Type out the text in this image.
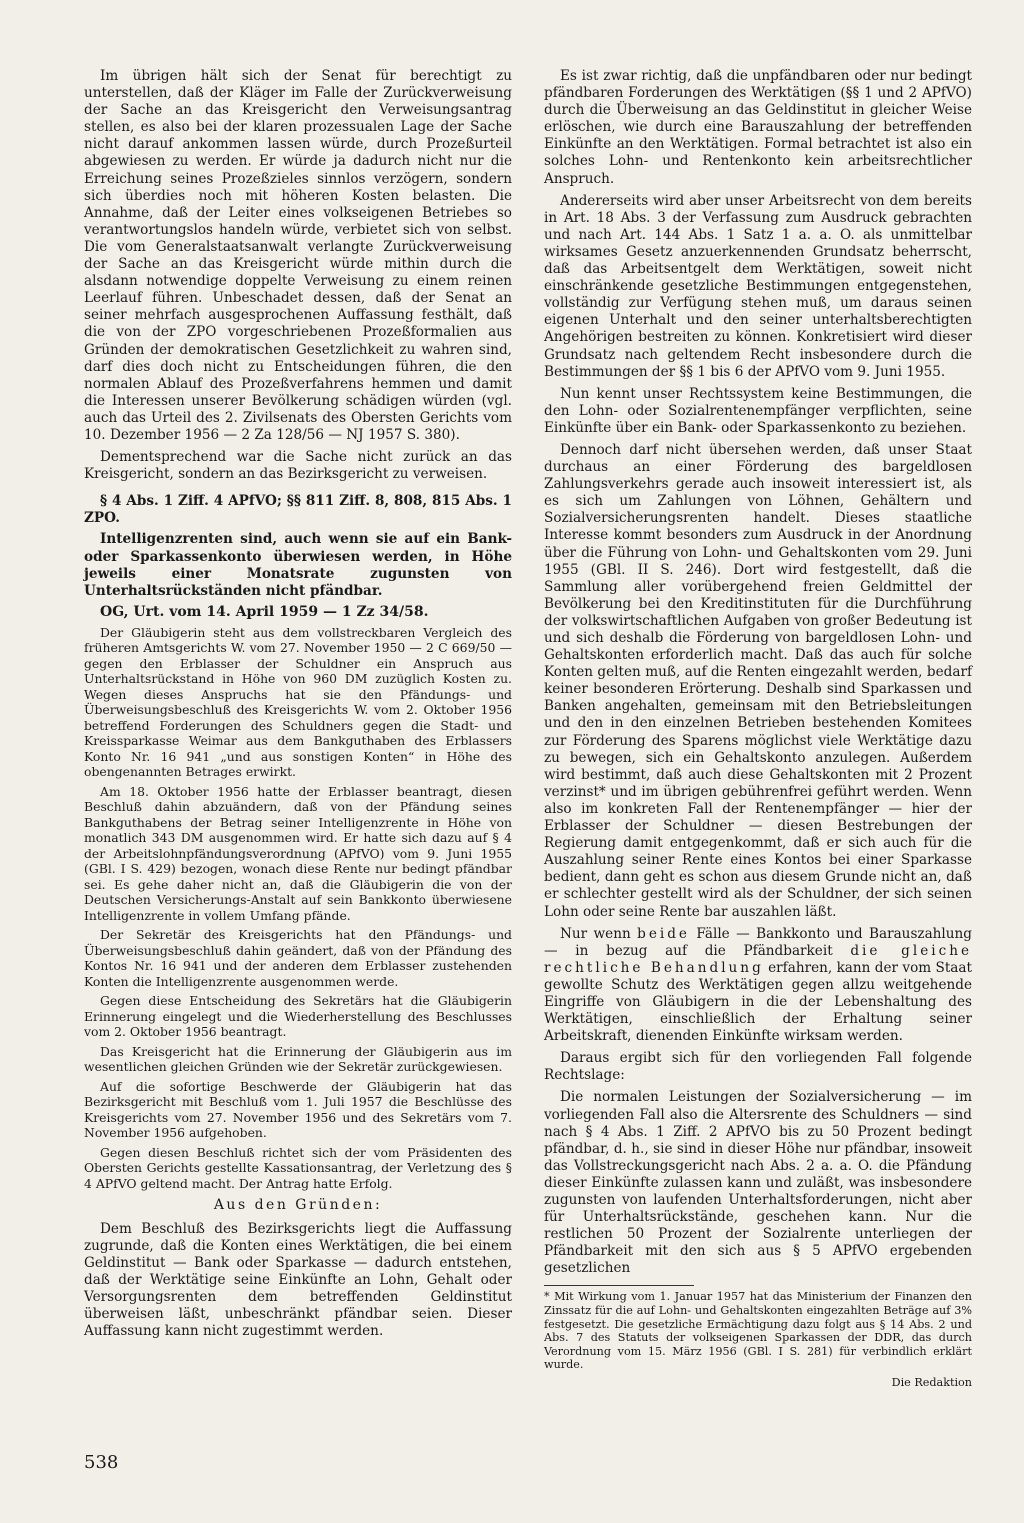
Im übrigen hält sich der Senat für berechtigt zu unterstellen, daß der Kläger im Falle der Zurückverweisung der Sache an das Kreisgericht den Verweisungsantrag stellen, es also bei der klaren prozessualen Lage der Sache nicht darauf ankommen lassen würde, durch Prozeßurteil abgewiesen zu werden. Er würde ja dadurch nicht nur die Erreichung seines Prozeßzieles sinnlos verzögern, sondern sich überdies noch mit höheren Kosten belasten. Die Annahme, daß der Leiter eines volkseigenen Betriebes so verantwortungslos handeln würde, verbietet sich von selbst. Die vom Generalstaatsanwalt verlangte Zurückverweisung der Sache an das Kreisgericht würde mithin durch die alsdann notwendige doppelte Verweisung zu einem reinen Leerlauf führen. Unbeschadet dessen, daß der Senat an seiner mehrfach ausgesprochenen Auffassung festhält, daß die von der ZPO vorgeschriebenen Prozeßformalien aus Gründen der demokratischen Gesetzlichkeit zu wahren sind, darf dies doch nicht zu Entscheidungen führen, die den normalen Ablauf des Prozeßverfahrens hemmen und damit die Interessen unserer Bevölkerung schädigen würden (vgl. auch das Urteil des 2. Zivilsenats des Obersten Gerichts vom 10. Dezember 1956 — 2 Za 128/56 — NJ 1957 S. 380).

Dementsprechend war die Sache nicht zurück an das Kreisgericht, sondern an das Bezirksgericht zu verweisen.

§ 4 Abs. 1 Ziff. 4 APfVO; §§ 811 Ziff. 8, 808, 815 Abs. 1 ZPO.

Intelligenzrenten sind, auch wenn sie auf ein Bank- oder Sparkassenkonto überwiesen werden, in Höhe jeweils einer Monatsrate zugunsten von Unterhaltsrückständen nicht pfändbar.

OG, Urt. vom 14. April 1959 — 1 Zz 34/58.

Der Gläubigerin steht aus dem vollstreckbaren Vergleich des früheren Amtsgerichts W. vom 27. November 1950 — 2 C 669/50 — gegen den Erblasser der Schuldner ein Anspruch aus Unterhaltsrückstand in Höhe von 960 DM zuzüglich Kosten zu. Wegen dieses Anspruchs hat sie den Pfändungs- und Überweisungsbeschluß des Kreisgerichts W. vom 2. Oktober 1956 betreffend Forderungen des Schuldners gegen die Stadt- und Kreissparkasse Weimar aus dem Bankguthaben des Erblassers Konto Nr. 16 941 „und aus sonstigen Konten“ in Höhe des obengenannten Betrages erwirkt.

Am 18. Oktober 1956 hatte der Erblasser beantragt, diesen Beschluß dahin abzuändern, daß von der Pfändung seines Bankguthabens der Betrag seiner Intelligenzrente in Höhe von monatlich 343 DM ausgenommen wird. Er hatte sich dazu auf § 4 der Arbeitslohnpfändungsverordnung (APfVO) vom 9. Juni 1955 (GBl. I S. 429) bezogen, wonach diese Rente nur bedingt pfändbar sei. Es gehe daher nicht an, daß die Gläubigerin die von der Deutschen Versicherungs-Anstalt auf sein Bankkonto überwiesene Intelligenzrente in vollem Umfang pfände.

Der Sekretär des Kreisgerichts hat den Pfändungs- und Überweisungsbeschluß dahin geändert, daß von der Pfändung des Kontos Nr. 16 941 und der anderen dem Erblasser zustehenden Konten die Intelligenzrente ausgenommen werde.

Gegen diese Entscheidung des Sekretärs hat die Gläubigerin Erinnerung eingelegt und die Wiederherstellung des Beschlusses vom 2. Oktober 1956 beantragt.

Das Kreisgericht hat die Erinnerung der Gläubigerin aus im wesentlichen gleichen Gründen wie der Sekretär zurückgewiesen.

Auf die sofortige Beschwerde der Gläubigerin hat das Bezirksgericht mit Beschluß vom 1. Juli 1957 die Beschlüsse des Kreisgerichts vom 27. November 1956 und des Sekretärs vom 7. November 1956 aufgehoben.

Gegen diesen Beschluß richtet sich der vom Präsidenten des Obersten Gerichts gestellte Kassationsantrag, der Verletzung des § 4 APfVO geltend macht. Der Antrag hatte Erfolg.

Aus den Gründen:

Dem Beschluß des Bezirksgerichts liegt die Auffassung zugrunde, daß die Konten eines Werktätigen, die bei einem Geldinstitut — Bank oder Sparkasse — dadurch entstehen, daß der Werktätige seine Einkünfte an Lohn, Gehalt oder Versorgungsrenten dem betreffenden Geldinstitut überweisen läßt, unbeschränkt pfändbar seien. Dieser Auffassung kann nicht zugestimmt werden.

Es ist zwar richtig, daß die unpfändbaren oder nur bedingt pfändbaren Forderungen des Werktätigen (§§ 1 und 2 APfVO) durch die Überweisung an das Geldinstitut in gleicher Weise erlöschen, wie durch eine Barauszahlung der betreffenden Einkünfte an den Werktätigen. Formal betrachtet ist also ein solches Lohn- und Rentenkonto kein arbeitsrechtlicher Anspruch.

Andererseits wird aber unser Arbeitsrecht von dem bereits in Art. 18 Abs. 3 der Verfassung zum Ausdruck gebrachten und nach Art. 144 Abs. 1 Satz 1 a. a. O. als unmittelbar wirksames Gesetz anzuerkennenden Grundsatz beherrscht, daß das Arbeitsentgelt dem Werktätigen, soweit nicht einschränkende gesetzliche Bestimmungen entgegenstehen, vollständig zur Verfügung stehen muß, um daraus seinen eigenen Unterhalt und den seiner unterhaltsberechtigten Angehörigen bestreiten zu können. Konkretisiert wird dieser Grundsatz nach geltendem Recht insbesondere durch die Bestimmungen der §§ 1 bis 6 der APfVO vom 9. Juni 1955.

Nun kennt unser Rechtssystem keine Bestimmungen, die den Lohn- oder Sozialrentenempfänger verpflichten, seine Einkünfte über ein Bank- oder Sparkassenkonto zu beziehen.

Dennoch darf nicht übersehen werden, daß unser Staat durchaus an einer Förderung des bargeldlosen Zahlungsverkehrs gerade auch insoweit interessiert ist, als es sich um Zahlungen von Löhnen, Gehältern und Sozialversicherungsrenten handelt. Dieses staatliche Interesse kommt besonders zum Ausdruck in der Anordnung über die Führung von Lohn- und Gehaltskonten vom 29. Juni 1955 (GBl. II S. 246). Dort wird festgestellt, daß die Sammlung aller vorübergehend freien Geldmittel der Bevölkerung bei den Kreditinstituten für die Durchführung der volkswirtschaftlichen Aufgaben von großer Bedeutung ist und sich deshalb die Förderung von bargeldlosen Lohn- und Gehaltskonten erforderlich macht. Daß das auch für solche Konten gelten muß, auf die Renten eingezahlt werden, bedarf keiner besonderen Erörterung. Deshalb sind Sparkassen und Banken angehalten, gemeinsam mit den Betriebsleitungen und den in den einzelnen Betrieben bestehenden Komitees zur Förderung des Sparens möglichst viele Werktätige dazu zu bewegen, sich ein Gehaltskonto anzulegen. Außerdem wird bestimmt, daß auch diese Gehaltskonten mit 2 Prozent verzinst* und im übrigen gebührenfrei geführt werden. Wenn also im konkreten Fall der Rentenempfänger — hier der Erblasser der Schuldner — diesen Bestrebungen der Regierung damit entgegenkommt, daß er sich auch für die Auszahlung seiner Rente eines Kontos bei einer Sparkasse bedient, dann geht es schon aus diesem Grunde nicht an, daß er schlechter gestellt wird als der Schuldner, der sich seinen Lohn oder seine Rente bar auszahlen läßt.

Nur wenn beide Fälle — Bankkonto und Barauszahlung — in bezug auf die Pfändbarkeit die gleiche rechtliche Behandlung erfahren, kann der vom Staat gewollte Schutz des Werktätigen gegen allzu weitgehende Eingriffe von Gläubigern in die der Lebenshaltung des Werktätigen, einschließlich der Erhaltung seiner Arbeitskraft, dienenden Einkünfte wirksam werden.

Daraus ergibt sich für den vorliegenden Fall folgende Rechtslage:

Die normalen Leistungen der Sozialversicherung — im vorliegenden Fall also die Altersrente des Schuldners — sind nach § 4 Abs. 1 Ziff. 2 APfVO bis zu 50 Prozent bedingt pfändbar, d. h., sie sind in dieser Höhe nur pfändbar, insoweit das Vollstreckungsgericht nach Abs. 2 a. a. O. die Pfändung dieser Einkünfte zulassen kann und zuläßt, was insbesondere zugunsten von laufenden Unterhaltsforderungen, nicht aber für Unterhaltsrückstände, geschehen kann. Nur die restlichen 50 Prozent der Sozialrente unterliegen der Pfändbarkeit mit den sich aus § 5 APfVO ergebenden gesetzlichen

* Mit Wirkung vom 1. Januar 1957 hat das Ministerium der Finanzen den Zinssatz für die auf Lohn- und Gehaltskonten eingezahlten Beträge auf 3% festgesetzt. Die gesetzliche Ermächtigung dazu folgt aus § 14 Abs. 2 und Abs. 7 des Statuts der volkseigenen Sparkassen der DDR, das durch Verordnung vom 15. März 1956 (GBl. I S. 281) für verbindlich erklärt wurde.

Die Redaktion

538
